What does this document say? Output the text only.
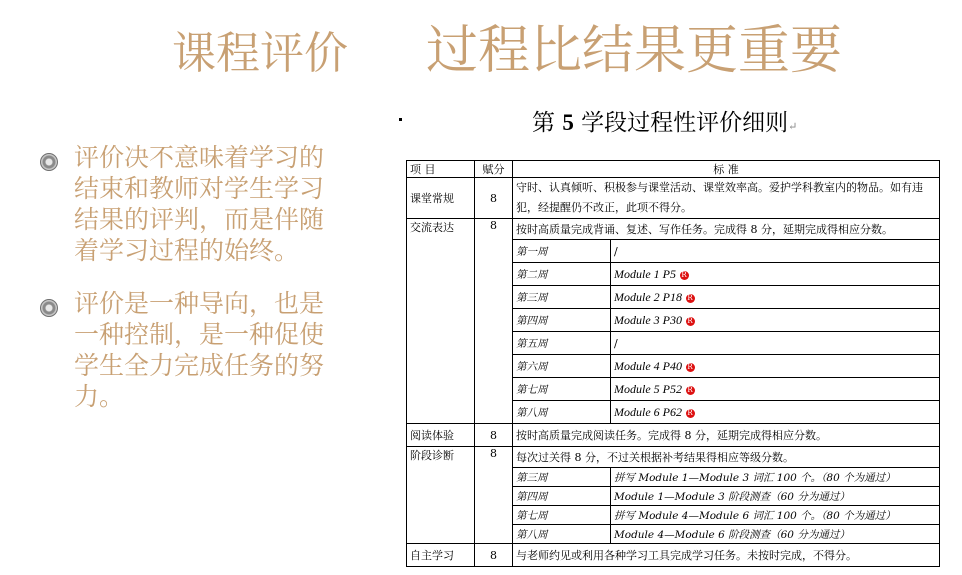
课程评价 过程比结果更重要
评价决不意味着学习的结束和教师对学生学习结果的评判，而是伴随着学习过程的始终。
评价是一种导向，也是一种控制，是一种促使学生全力完成任务的努力。
第 5 学段过程性评价细则↵
项 目	赋分	标 准	
课堂常规	8	守时、认真倾听、积极参与课堂活动、课堂效率高。爱护学科教室内的物品。如有违犯，经提醒仍不改正，此项不得分。	
交流表达	8	按时高质量完成背诵、复述、写作任务。完成得 8 分，延期完成得相应分数。	
		第一周	/
		第二周	Module 1 P5 R
		第三周	Module 2 P18 R
		第四周	Module 3 P30 R
		第五周	/
		第六周	Module 4 P40 R
		第七周	Module 5 P52 R
		第八周	Module 6 P62 R
阅读体验	8	按时高质量完成阅读任务。完成得 8 分，延期完成得相应分数。	
阶段诊断	8	每次过关得 8 分，不过关根据补考结果得相应等级分数。	
		第三周	拼写 Module 1—Module 3 词汇 100 个。（80 个为通过）
		第四周	Module 1—Module 3 阶段测查（60 分为通过）
		第七周	拼写 Module 4—Module 6 词汇 100 个。（80 个为通过）
		第八周	Module 4—Module 6 阶段测查（60 分为通过）
自主学习	8	与老师约见或利用各种学习工具完成学习任务。未按时完成，不得分。	
